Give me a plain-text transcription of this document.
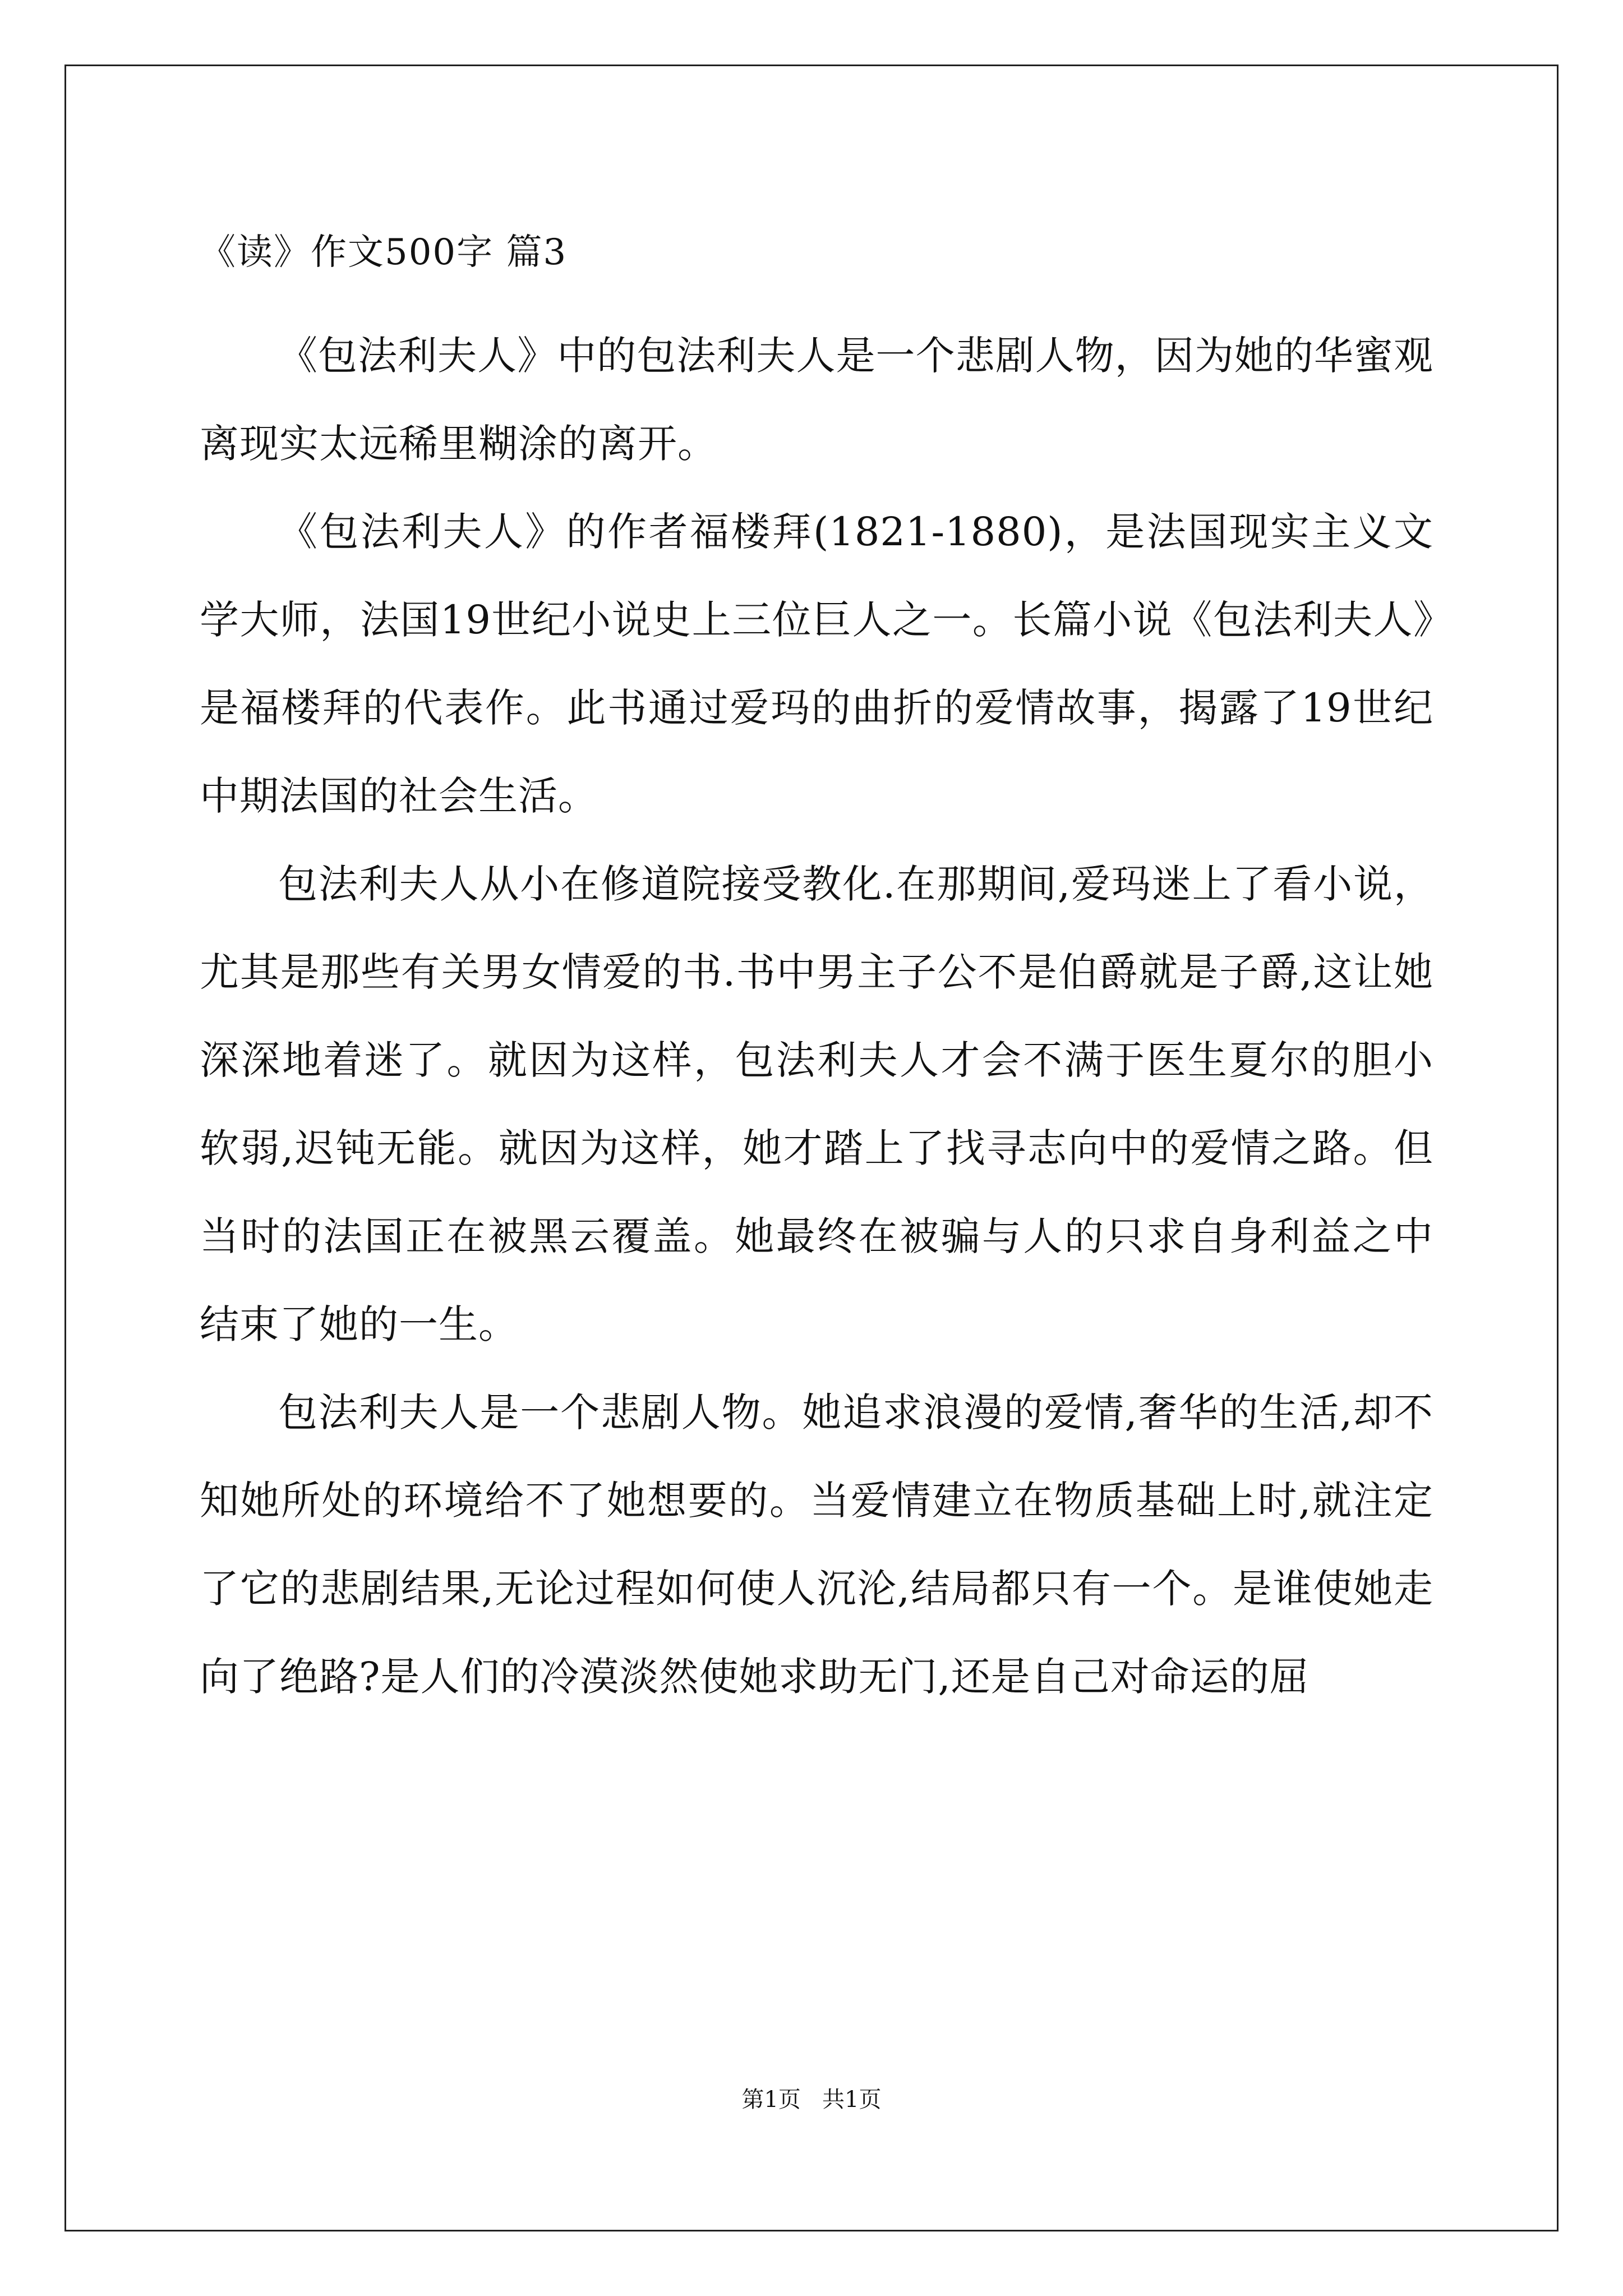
《读》作文500字 篇3

《包法利夫人》中的包法利夫人是一个悲剧人物，因为她的华蜜观离现实太远稀里糊涂的离开。

《包法利夫人》的作者福楼拜(1821-1880)，是法国现实主义文学大师，法国19世纪小说史上三位巨人之一。长篇小说《包法利夫人》是福楼拜的代表作。此书通过爱玛的曲折的爱情故事，揭露了19世纪中期法国的社会生活。

包法利夫人从小在修道院接受教化.在那期间,爱玛迷上了看小说，尤其是那些有关男女情爱的书.书中男主子公不是伯爵就是子爵,这让她深深地着迷了。就因为这样，包法利夫人才会不满于医生夏尔的胆小软弱,迟钝无能。就因为这样，她才踏上了找寻志向中的爱情之路。但当时的法国正在被黑云覆盖。她最终在被骗与人的只求自身利益之中结束了她的一生。

包法利夫人是一个悲剧人物。她追求浪漫的爱情,奢华的生活,却不知她所处的环境给不了她想要的。当爱情建立在物质基础上时,就注定了它的悲剧结果,无论过程如何使人沉沦,结局都只有一个。是谁使她走向了绝路?是人们的冷漠淡然使她求助无门,还是自己对命运的屈

第1页   共1页
